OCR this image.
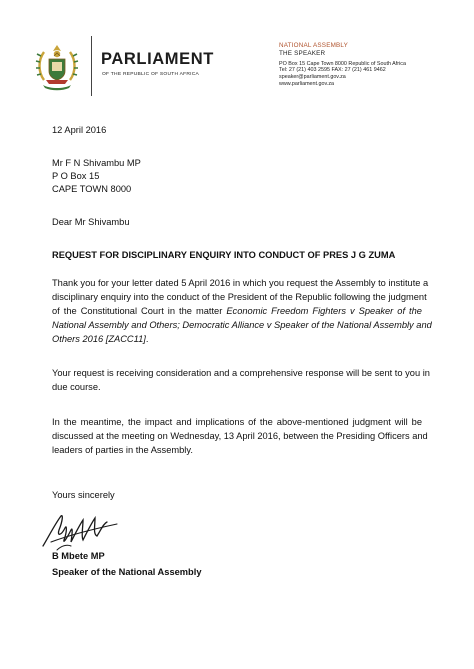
PARLIAMENT
OF THE REPUBLIC OF SOUTH AFRICA
NATIONAL ASSEMBLY
THE SPEAKER
PO Box 15 Cape Town 8000 Republic of South Africa
Tel: 27 (21) 403 2595 FAX: 27 (21) 461 9462
speaker@parliament.gov.za
www.parliament.gov.za
12 April 2016
Mr F N Shivambu MP
P O Box 15
CAPE TOWN 8000
Dear Mr Shivambu
REQUEST FOR DISCIPLINARY ENQUIRY INTO CONDUCT OF PRES J G ZUMA
Thank you for your letter dated 5 April 2016 in which you request the Assembly to institute a
disciplinary enquiry into the conduct of the President of the Republic following the judgment
of the Constitutional Court in the matter Economic Freedom Fighters v Speaker of the
National Assembly and Others; Democratic Alliance v Speaker of the National Assembly and
Others 2016 [ZACC11].
Your request is receiving consideration and a comprehensive response will be sent to you in
due course.
In the meantime, the impact and implications of the above-mentioned judgment will be
discussed at the meeting on Wednesday, 13 April 2016, between the Presiding Officers and
leaders of parties in the Assembly.
Yours sincerely
B Mbete MP
Speaker of the National Assembly
